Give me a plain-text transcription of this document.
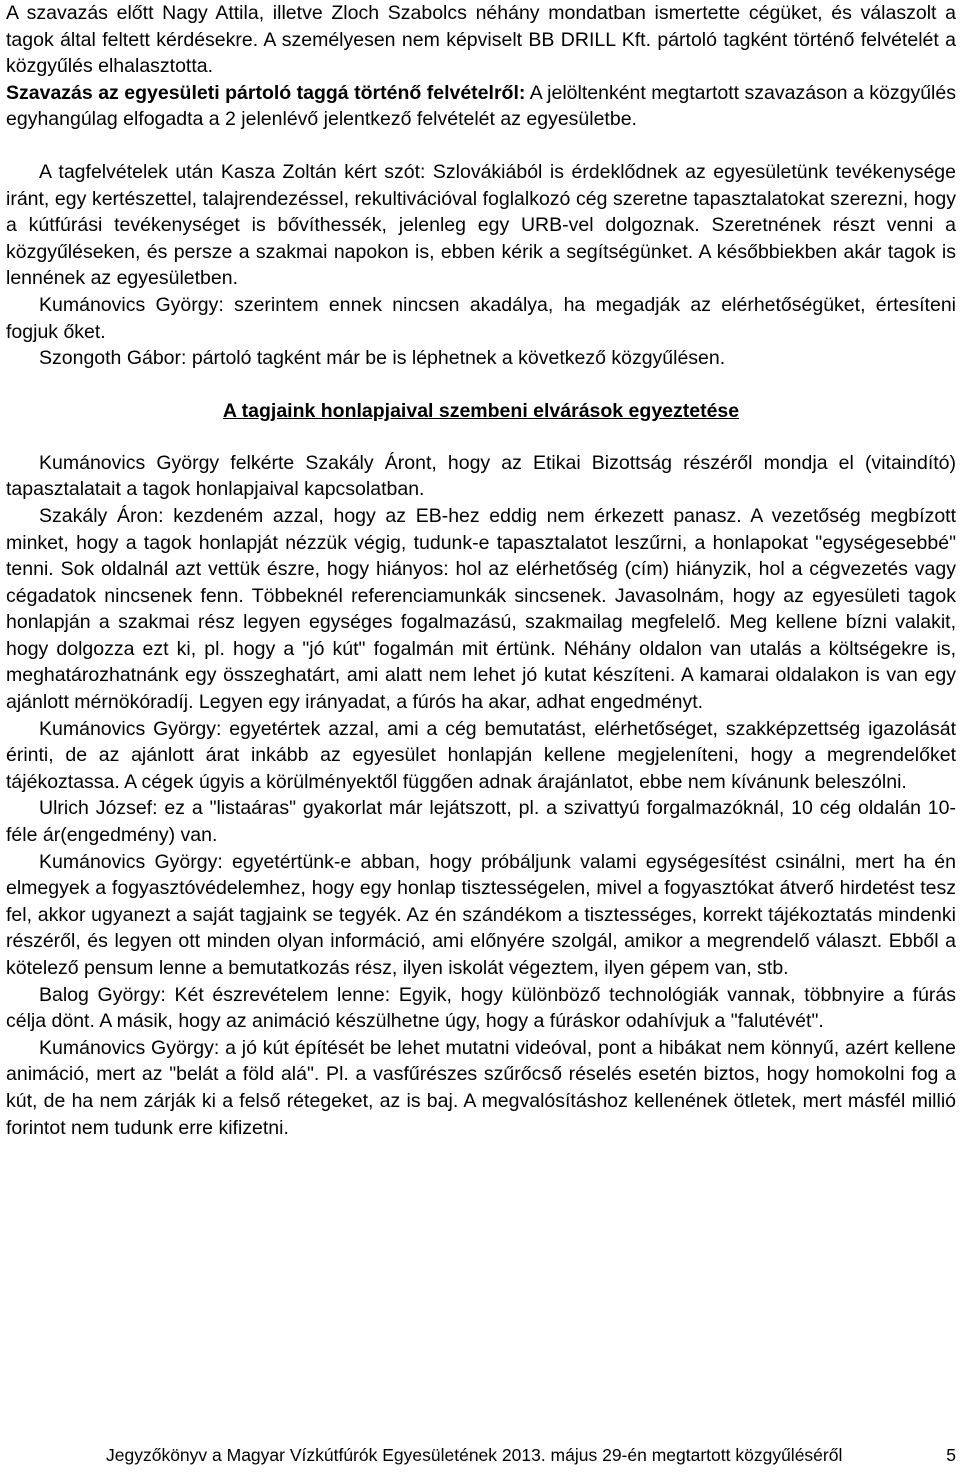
A szavazás előtt Nagy Attila, illetve Zloch Szabolcs néhány mondatban ismertette cégüket, és válaszolt a tagok által feltett kérdésekre. A személyesen nem képviselt BB DRILL Kft. pártoló tagként történő felvételét a közgyűlés elhalasztotta.

Szavazás az egyesületi pártoló taggá történő felvételről: A jelöltenként megtartott szavazáson a közgyűlés egyhangúlag elfogadta a 2 jelenlévő jelentkező felvételét az egyesületbe.

A tagfelvételek után Kasza Zoltán kért szót: Szlovákiából is érdeklődnek az egyesületünk tevékenysége iránt, egy kertészettel, talajrendezéssel, rekultivációval foglalkozó cég szeretne tapasztalatokat szerezni, hogy a kútfúrási tevékenységet is bővíthessék, jelenleg egy URB-vel dolgoznak. Szeretnének részt venni a közgyűléseken, és persze a szakmai napokon is, ebben kérik a segítségünket. A későbbiekben akár tagok is lennének az egyesületben.

Kumánovics György: szerintem ennek nincsen akadálya, ha megadják az elérhetőségüket, értesíteni fogjuk őket.

Szongoth Gábor: pártoló tagként már be is léphetnek a következő közgyűlésen.

A tagjaink honlapjaival szembeni elvárások egyeztetése

Kumánovics György felkérte Szakály Áront, hogy az Etikai Bizottság részéről mondja el (vitaindító) tapasztalatait a tagok honlapjaival kapcsolatban.

Szakály Áron: kezdeném azzal, hogy az EB-hez eddig nem érkezett panasz. A vezetőség megbízott minket, hogy a tagok honlapját nézzük végig, tudunk-e tapasztalatot leszűrni, a honlapokat "egységesebbé" tenni. Sok oldalnál azt vettük észre, hogy hiányos: hol az elérhetőség (cím) hiányzik, hol a cégvezetés vagy cégadatok nincsenek fenn. Többeknél referenciamunkák sincsenek. Javasolnám, hogy az egyesületi tagok honlapján a szakmai rész legyen egységes fogalmazású, szakmailag megfelelő. Meg kellene bízni valakit, hogy dolgozza ezt ki, pl. hogy a "jó kút" fogalmán mit értünk. Néhány oldalon van utalás a költségekre is, meghatározhatnánk egy összeghatárt, ami alatt nem lehet jó kutat készíteni. A kamarai oldalakon is van egy ajánlott mérnökóradíj. Legyen egy irányadat, a fúrós ha akar, adhat engedményt.

Kumánovics György: egyetértek azzal, ami a cég bemutatást, elérhetőséget, szakképzettség igazolását érinti, de az ajánlott árat inkább az egyesület honlapján kellene megjeleníteni, hogy a megrendelőket tájékoztassa. A cégek úgyis a körülményektől függően adnak árajánlatot, ebbe nem kívánunk beleszólni.

Ulrich József: ez a "listaáras" gyakorlat már lejátszott, pl. a szivattyú forgalmazóknál, 10 cég oldalán 10-féle ár(engedmény) van.

Kumánovics György: egyetértünk-e abban, hogy próbáljunk valami egységesítést csinálni, mert ha én elmegyek a fogyasztóvédelemhez, hogy egy honlap tisztességelen, mivel a fogyasztókat átverő hirdetést tesz fel, akkor ugyanezt a saját tagjaink se tegyék. Az én szándékom a tisztességes, korrekt tájékoztatás mindenki részéről, és legyen ott minden olyan információ, ami előnyére szolgál, amikor a megrendelő választ. Ebből a kötelező pensum lenne a bemutatkozás rész, ilyen iskolát végeztem, ilyen gépem van, stb.

Balog György: Két észrevételem lenne: Egyik, hogy különböző technológiák vannak, többnyire a fúrás célja dönt. A másik, hogy az animáció készülhetne úgy, hogy a fúráskor odahívjuk a "falutévét".

Kumánovics György: a jó kút építését be lehet mutatni videóval, pont a hibákat nem könnyű, azért kellene animáció, mert az "belát a föld alá". Pl. a vasfűrészes szűrőcső réselés esetén biztos, hogy homokolni fog a kút, de ha nem zárják ki a felső rétegeket, az is baj. A megvalósításhoz kellenének ötletek, mert másfél millió forintot nem tudunk erre kifizetni.

Jegyzőkönyv a Magyar Vízkútfúrók Egyesületének 2013. május 29-én megtartott közgyűléséről	5
